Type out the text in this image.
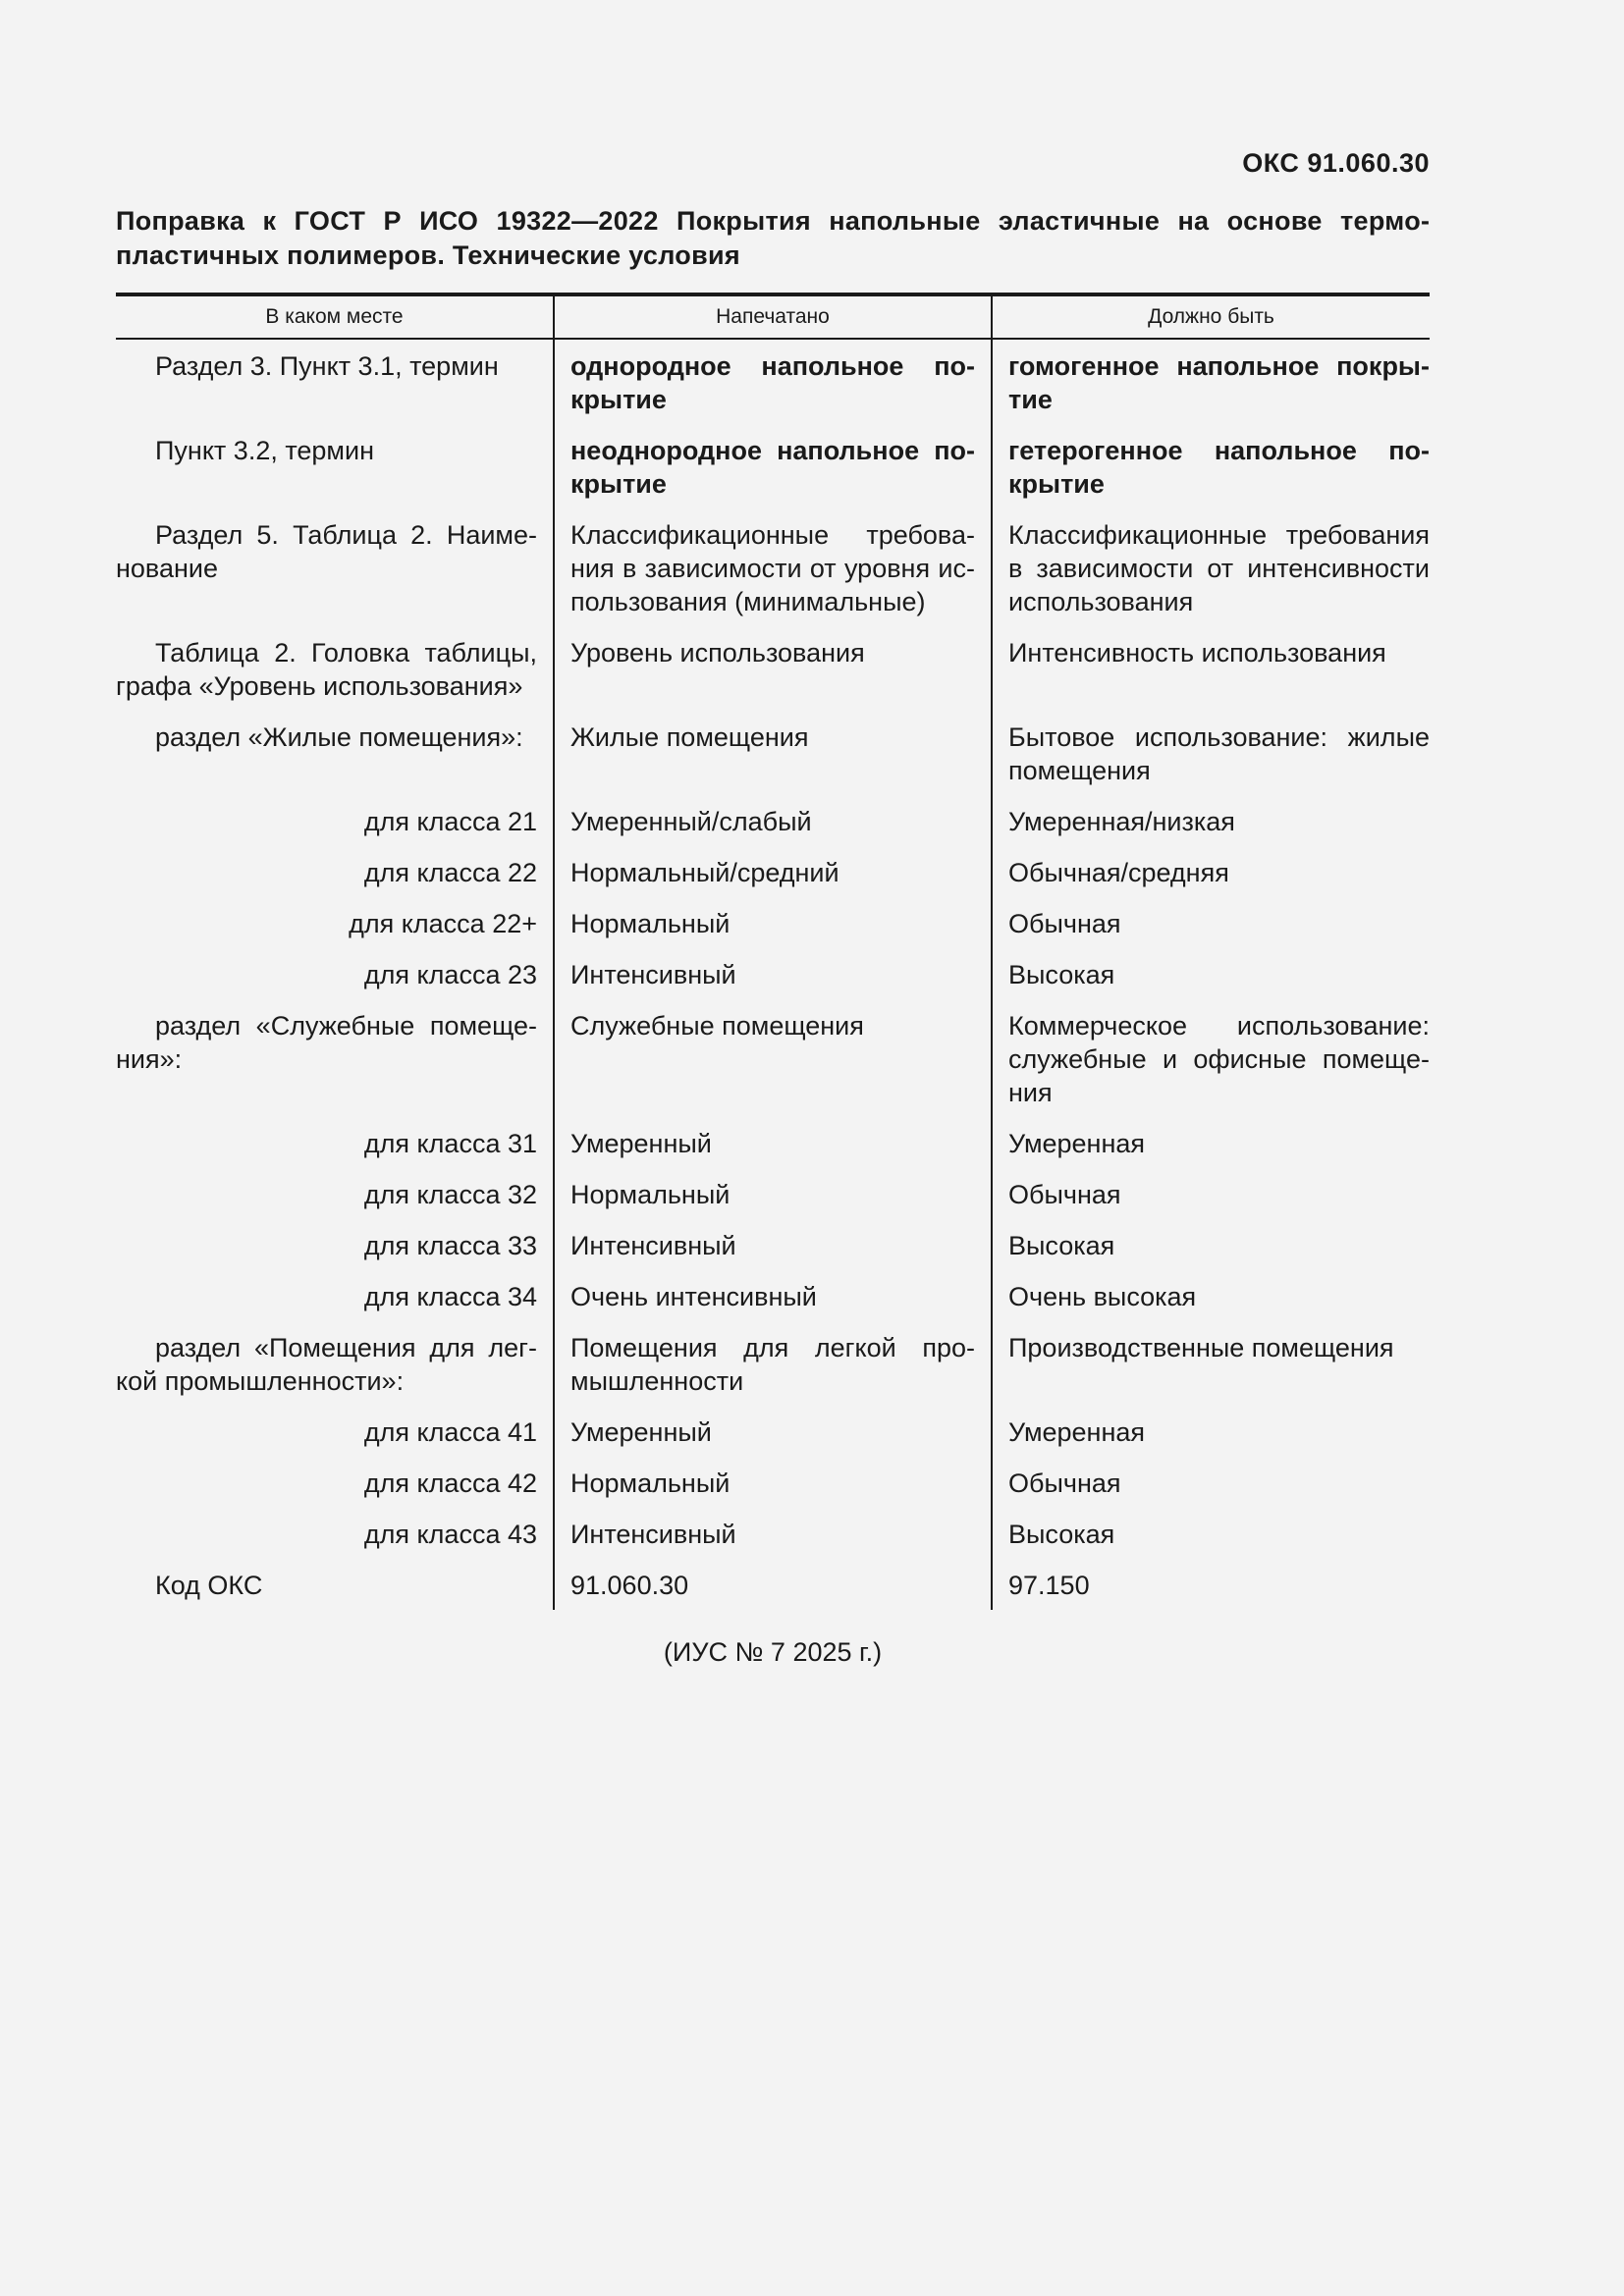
ОКС 91.060.30
Поправка к ГОСТ Р ИСО 19322—2022 Покрытия напольные эластичные на основе термопластичных полимеров. Технические условия
В каком месте	Напечатано	Должно быть
Раздел 3. Пункт 3.1, термин	однородное напольное покрытие	гомогенное напольное покрытие
Пункт 3.2, термин	неоднородное напольное покрытие	гетерогенное напольное покрытие
Раздел 5. Таблица 2. Наименование	Классификационные требования в зависимости от уровня использования (минимальные)	Классификационные требования в зависимости от интенсивности использования
Таблица 2. Головка таблицы, графа «Уровень использования»	Уровень использования	Интенсивность использования
раздел «Жилые помещения»:	Жилые помещения	Бытовое использование: жилые помещения
для класса 21	Умеренный/слабый	Умеренная/низкая
для класса 22	Нормальный/средний	Обычная/средняя
для класса 22+	Нормальный	Обычная
для класса 23	Интенсивный	Высокая
раздел «Служебные помещения»:	Служебные помещения	Коммерческое использование: служебные и офисные помещения
для класса 31	Умеренный	Умеренная
для класса 32	Нормальный	Обычная
для класса 33	Интенсивный	Высокая
для класса 34	Очень интенсивный	Очень высокая
раздел «Помещения для легкой промышленности»:	Помещения для легкой промышленности	Производственные помещения
для класса 41	Умеренный	Умеренная
для класса 42	Нормальный	Обычная
для класса 43	Интенсивный	Высокая
Код ОКС	91.060.30	97.150
(ИУС № 7 2025 г.)
